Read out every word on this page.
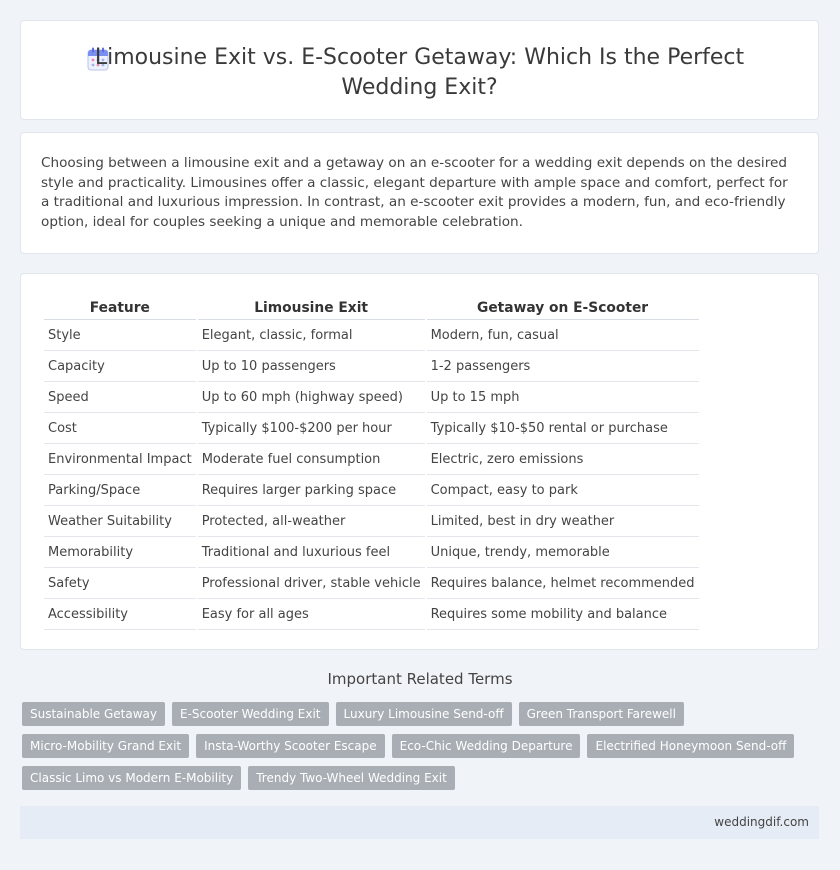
Limousine Exit vs. E-Scooter Getaway: Which Is the Perfect Wedding Exit?

Choosing between a limousine exit and a getaway on an e-scooter for a wedding exit depends on the desired style and practicality. Limousines offer a classic, elegant departure with ample space and comfort, perfect for a traditional and luxurious impression. In contrast, an e-scooter exit provides a modern, fun, and eco-friendly option, ideal for couples seeking a unique and memorable celebration.

Feature	Limousine Exit	Getaway on E-Scooter
Style	Elegant, classic, formal	Modern, fun, casual
Capacity	Up to 10 passengers	1-2 passengers
Speed	Up to 60 mph (highway speed)	Up to 15 mph
Cost	Typically $100-$200 per hour	Typically $10-$50 rental or purchase
Environmental Impact	Moderate fuel consumption	Electric, zero emissions
Parking/Space	Requires larger parking space	Compact, easy to park
Weather Suitability	Protected, all-weather	Limited, best in dry weather
Memorability	Traditional and luxurious feel	Unique, trendy, memorable
Safety	Professional driver, stable vehicle	Requires balance, helmet recommended
Accessibility	Easy for all ages	Requires some mobility and balance
Important Related Terms
Sustainable Getaway	E-Scooter Wedding Exit	Luxury Limousine Send-off	Green Transport Farewell
Micro-Mobility Grand Exit	Insta-Worthy Scooter Escape	Eco-Chic Wedding Departure	Electrified Honeymoon Send-off
Classic Limo vs Modern E-Mobility	Trendy Two-Wheel Wedding Exit
weddingdif.com
